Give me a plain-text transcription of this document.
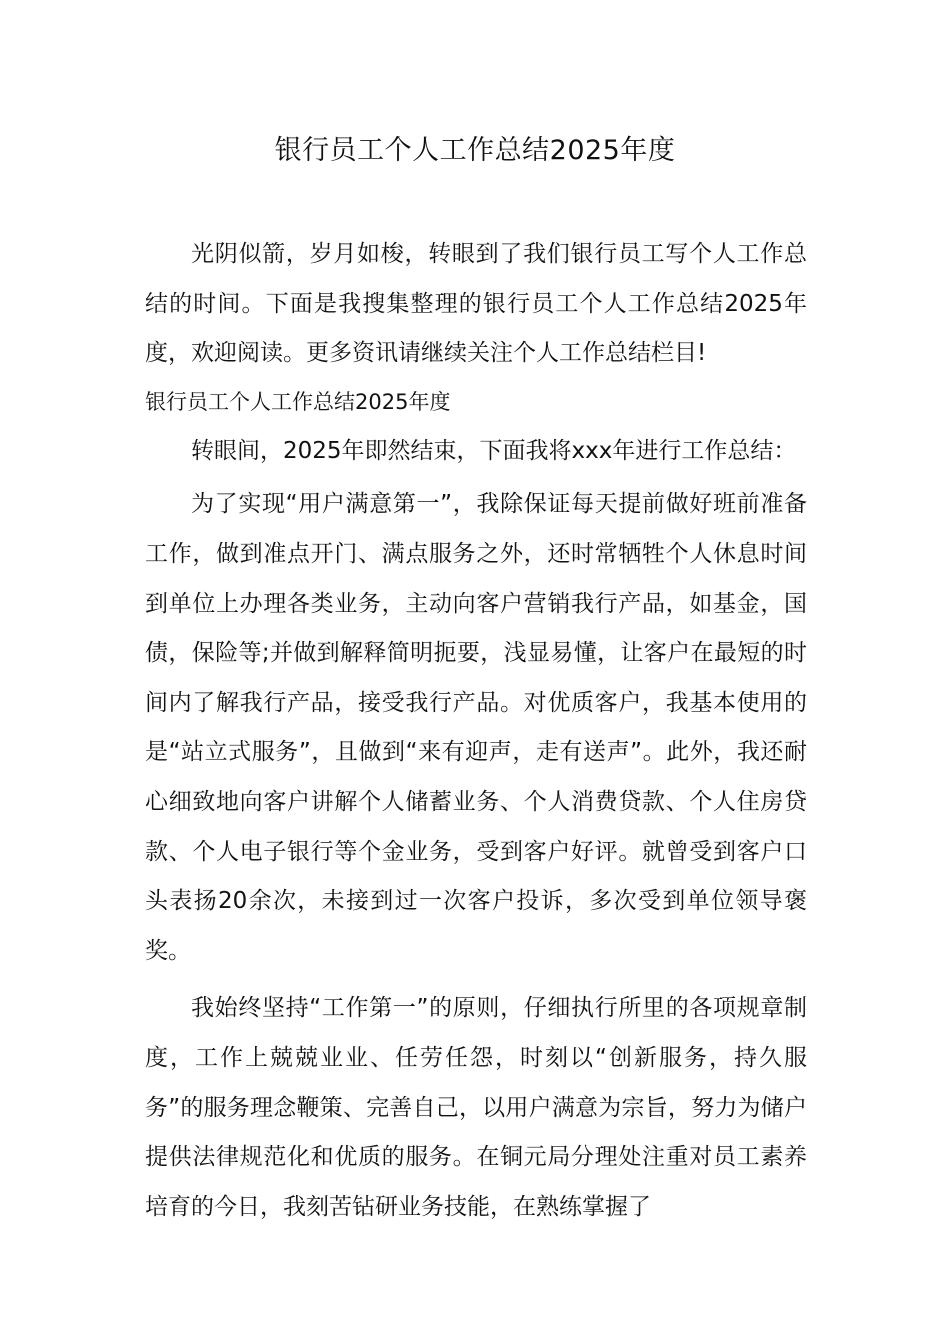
银行员工个人工作总结2025年度

光阴似箭，岁月如梭，转眼到了我们银行员工写个人工作总结的时间。下面是我搜集整理的银行员工个人工作总结2025年度，欢迎阅读。更多资讯请继续关注个人工作总结栏目!

银行员工个人工作总结2025年度

转眼间，2025年即然结束，下面我将xxx年进行工作总结：

为了实现“用户满意第一”，我除保证每天提前做好班前准备工作，做到准点开门、满点服务之外，还时常牺牲个人休息时间到单位上办理各类业务，主动向客户营销我行产品，如基金，国债，保险等;并做到解释简明扼要，浅显易懂，让客户在最短的时间内了解我行产品，接受我行产品。对优质客户，我基本使用的是“站立式服务”，且做到“来有迎声，走有送声”。此外，我还耐心细致地向客户讲解个人储蓄业务、个人消费贷款、个人住房贷款、个人电子银行等个金业务，受到客户好评。就曾受到客户口头表扬20余次，未接到过一次客户投诉，多次受到单位领导褒奖。

我始终坚持“工作第一”的原则，仔细执行所里的各项规章制度，工作上兢兢业业、任劳任怨，时刻以“创新服务，持久服务”的服务理念鞭策、完善自己，以用户满意为宗旨，努力为储户提供法律规范化和优质的服务。在铜元局分理处注重对员工素养培育的今日，我刻苦钻研业务技能，在熟练掌握了
